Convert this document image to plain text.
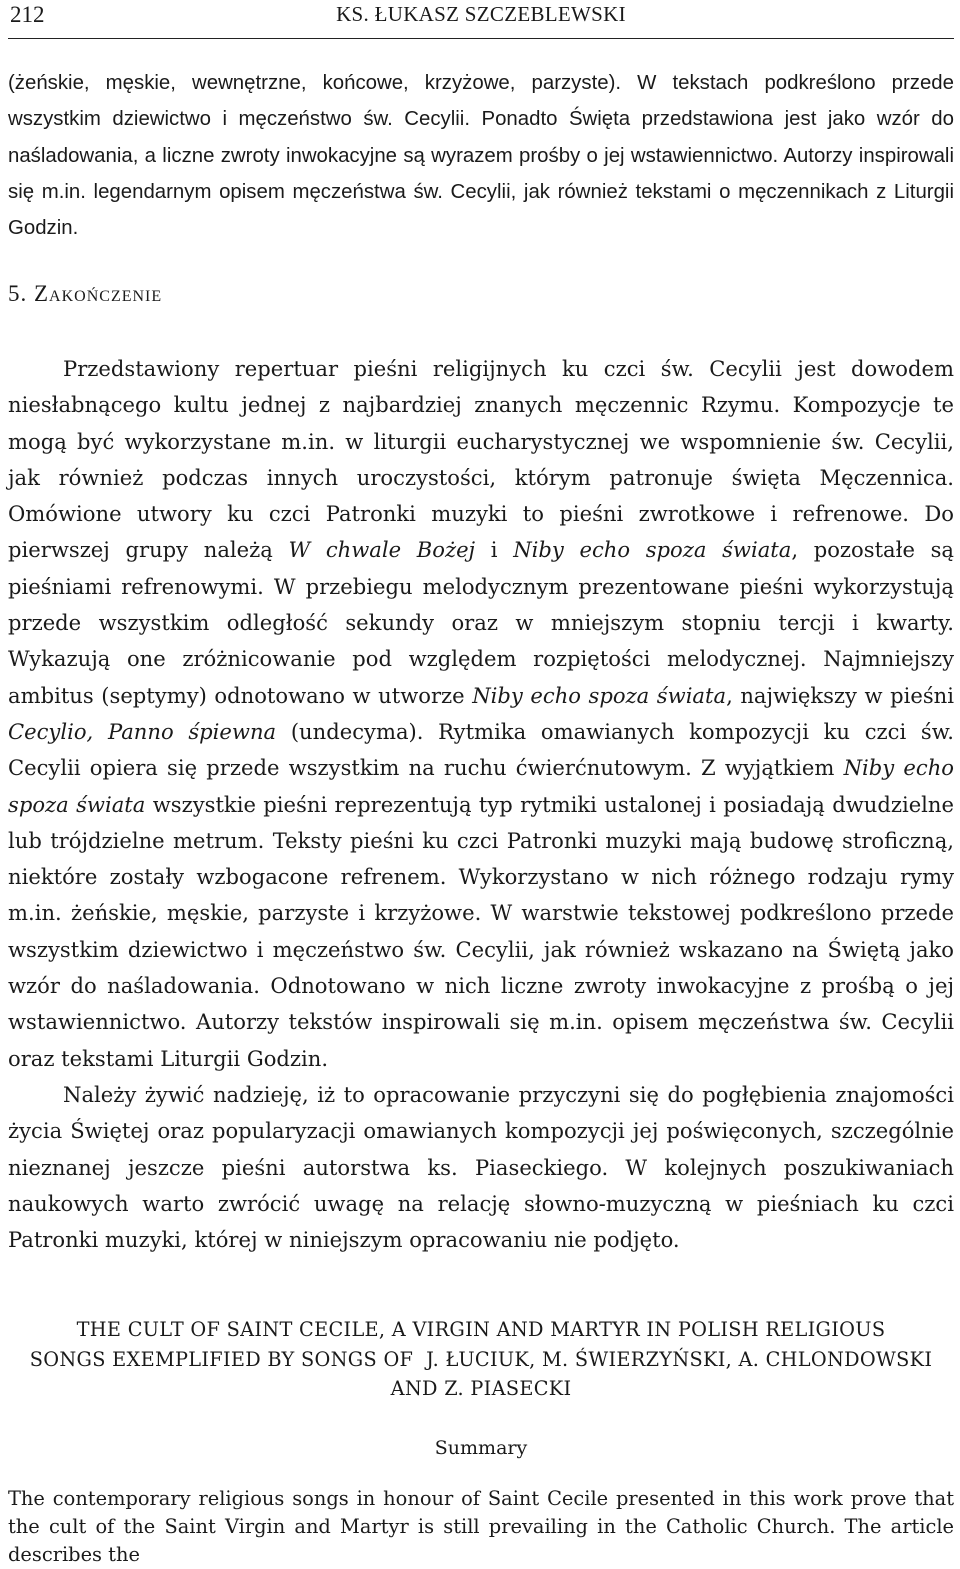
212	KS. ŁUKASZ SZCZEBLEWSKI

(żeńskie, męskie, wewnętrzne, końcowe, krzyżowe, parzyste). W tekstach podkreślono przede wszystkim dziewictwo i męczeństwo św. Cecylii. Ponadto Święta przedstawiona jest jako wzór do naśladowania, a liczne zwroty inwokacyjne są wyrazem prośby o jej wstawiennictwo. Autorzy inspirowali się m.in. legendarnym opisem męczeństwa św. Cecylii, jak również tekstami o męczennikach z Liturgii Godzin.

5. Zakończenie

Przedstawiony repertuar pieśni religijnych ku czci św. Cecylii jest dowodem niesłabnącego kultu jednej z najbardziej znanych męczennic Rzymu. Kompozycje te mogą być wykorzystane m.in. w liturgii eucharystycznej we wspomnienie św. Cecylii, jak również podczas innych uroczystości, którym patronuje święta Męczennica. Omówione utwory ku czci Patronki muzyki to pieśni zwrotkowe i refrenowe. Do pierwszej grupy należą W chwale Bożej i Niby echo spoza świata, pozostałe są pieśniami refrenowymi. W przebiegu melodycznym prezentowane pieśni wykorzystują przede wszystkim odległość sekundy oraz w mniejszym stopniu tercji i kwarty. Wykazują one zróżnicowanie pod względem rozpiętości melodycznej. Najmniejszy ambitus (septymy) odnotowano w utworze Niby echo spoza świata, największy w pieśni Cecylio, Panno śpiewna (undecyma). Rytmika omawianych kompozycji ku czci św. Cecylii opiera się przede wszystkim na ruchu ćwierćnutowym. Z wyjątkiem Niby echo spoza świata wszystkie pieśni reprezentują typ rytmiki ustalonej i posiadają dwudzielne lub trójdzielne metrum. Teksty pieśni ku czci Patronki muzyki mają budowę stroficzną, niektóre zostały wzbogacone refrenem. Wykorzystano w nich różnego rodzaju rymy m.in. żeńskie, męskie, parzyste i krzyżowe. W warstwie tekstowej podkreślono przede wszystkim dziewictwo i męczeństwo św. Cecylii, jak również wskazano na Świętą jako wzór do naśladowania. Odnotowano w nich liczne zwroty inwokacyjne z prośbą o jej wstawiennictwo. Autorzy tekstów inspirowali się m.in. opisem męczeństwa św. Cecylii oraz tekstami Liturgii Godzin.

Należy żywić nadzieję, iż to opracowanie przyczyni się do pogłębienia znajomości życia Świętej oraz popularyzacji omawianych kompozycji jej poświęconych, szczególnie nieznanej jeszcze pieśni autorstwa ks. Piaseckiego. W kolejnych poszukiwaniach naukowych warto zwrócić uwagę na relację słowno-muzyczną w pieśniach ku czci Patronki muzyki, której w niniejszym opracowaniu nie podjęto.

THE CULT OF SAINT CECILE, A VIRGIN AND MARTYR IN POLISH RELIGIOUS
SONGS EXEMPLIFIED BY SONGS OF  J. ŁUCIUK, M. ŚWIERZYŃSKI, A. CHLONDOWSKI
AND Z. PIASECKI
Summary

The contemporary religious songs in honour of Saint Cecile presented in this work prove that the cult of the Saint Virgin and Martyr is still prevailing in the Catholic Church. The article describes the
